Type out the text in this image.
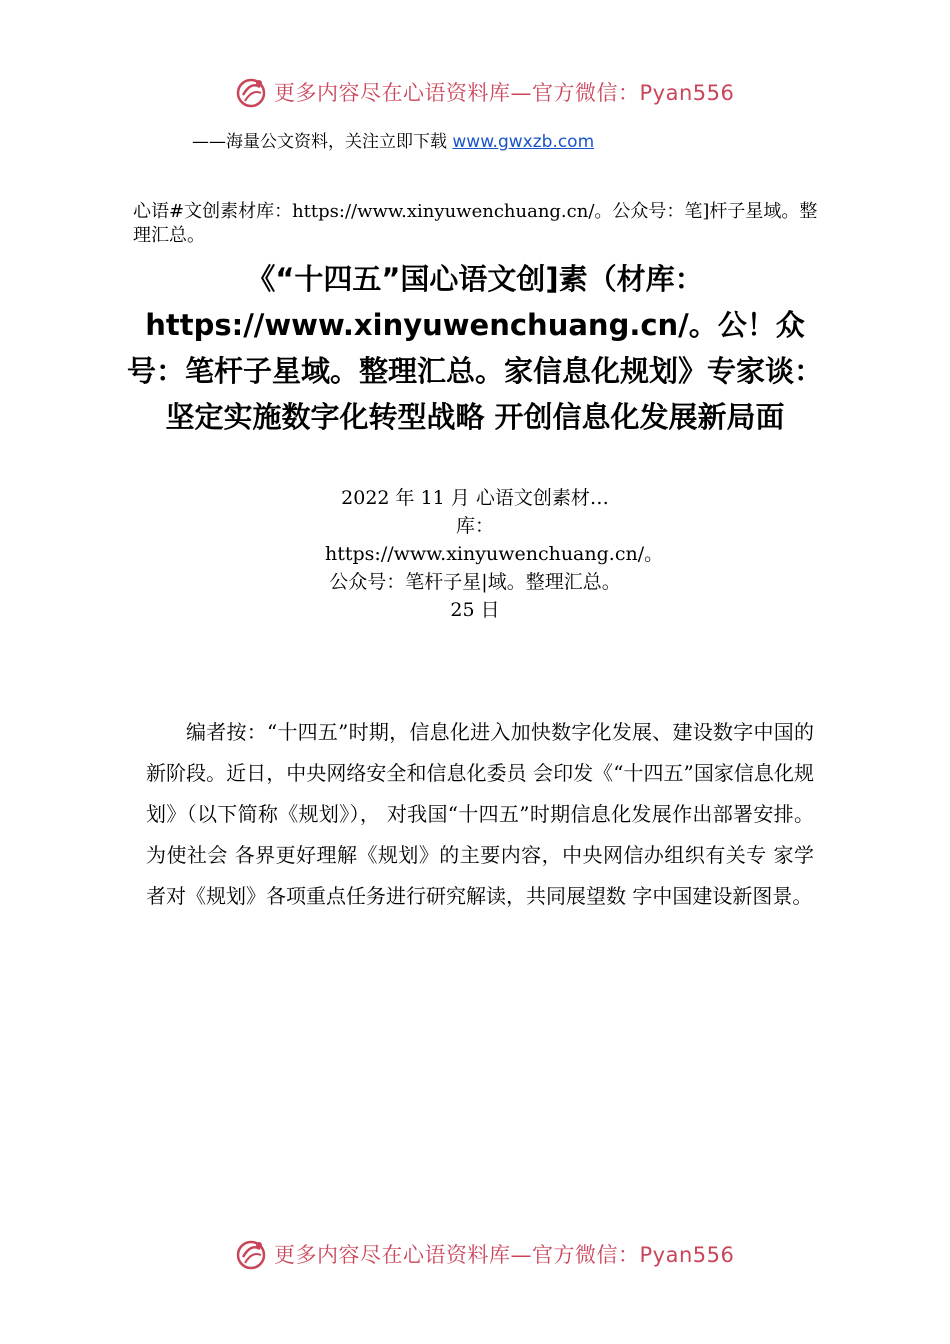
更多内容尽在心语资料库—官方微信：Pyan556
——海量公文资料，关注立即下载 www.gwxzb.com
心语#文创素材库：https://www.xinyuwenchuang.cn/。公众号：笔]杆子星域。整理汇总。
《“十四五”国心语文创]素（材库：https://www.xinyuwenchuang.cn/。公！众号：笔杆子星域。整理汇总。家信息化规划》专家谈：坚定实施数字化转型战略 开创信息化发展新局面
2022 年 11 月 心语文创素材…库：https://www.xinyuwenchuang.cn/。公众号：笔杆子星|域。整理汇总。25 日
编者按：“十四五”时期，信息化进入加快数字化发展、建设数字中国的新阶段。近日，中央网络安全和信息化委员 会印发《“十四五”国家信息化规划》（以下简称《规划》）， 对我国“十四五”时期信息化发展作出部署安排。为使社会 各界更好理解《规划》的主要内容，中央网信办组织有关专 家学者对《规划》各项重点任务进行研究解读，共同展望数 字中国建设新图景。
更多内容尽在心语资料库—官方微信：Pyan556
